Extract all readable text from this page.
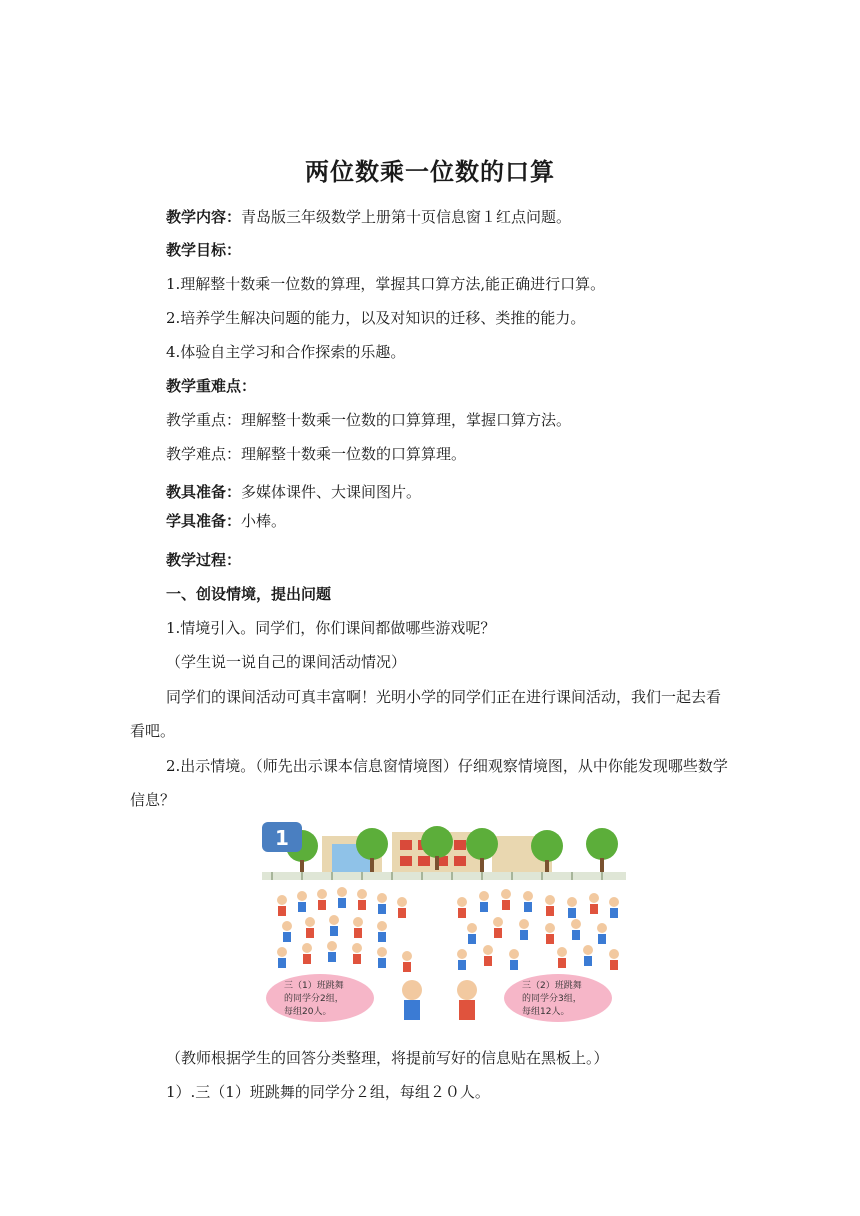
两位数乘一位数的口算
教学内容：青岛版三年级数学上册第十页信息窗１红点问题。
教学目标：
1.理解整十数乘一位数的算理，掌握其口算方法,能正确进行口算。
2.培养学生解决问题的能力，以及对知识的迁移、类推的能力。
4.体验自主学习和合作探索的乐趣。
教学重难点：
教学重点：理解整十数乘一位数的口算算理，掌握口算方法。
教学难点：理解整十数乘一位数的口算算理。
教具准备：多媒体课件、大课间图片。
学具准备：小棒。
教学过程：
一、创设情境，提出问题
1.情境引入。同学们，你们课间都做哪些游戏呢？
（学生说一说自己的课间活动情况）
同学们的课间活动可真丰富啊！光明小学的同学们正在进行课间活动，我们一起去看看吧。
2.出示情境。（师先出示课本信息窗情境图）仔细观察情境图，从中你能发现哪些数学信息？
1
三（1）班跳舞
的同学分2组，
每组20人。
三（2）班跳舞
的同学分3组，
每组12人。
（教师根据学生的回答分类整理，将提前写好的信息贴在黑板上。）
1）.三（1）班跳舞的同学分２组，每组２０人。
